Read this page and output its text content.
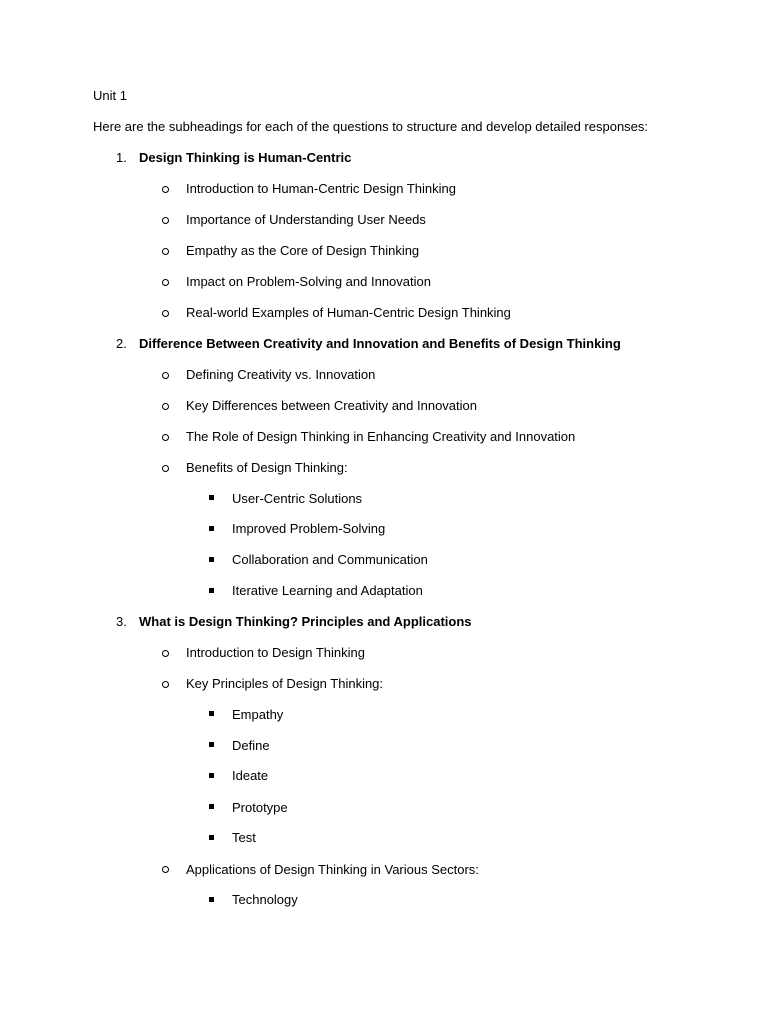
Unit 1
Here are the subheadings for each of the questions to structure and develop detailed responses:
1. Design Thinking is Human-Centric
Introduction to Human-Centric Design Thinking
Importance of Understanding User Needs
Empathy as the Core of Design Thinking
Impact on Problem-Solving and Innovation
Real-world Examples of Human-Centric Design Thinking
2. Difference Between Creativity and Innovation and Benefits of Design Thinking
Defining Creativity vs. Innovation
Key Differences between Creativity and Innovation
The Role of Design Thinking in Enhancing Creativity and Innovation
Benefits of Design Thinking:
User-Centric Solutions
Improved Problem-Solving
Collaboration and Communication
Iterative Learning and Adaptation
3. What is Design Thinking? Principles and Applications
Introduction to Design Thinking
Key Principles of Design Thinking:
Empathy
Define
Ideate
Prototype
Test
Applications of Design Thinking in Various Sectors:
Technology
